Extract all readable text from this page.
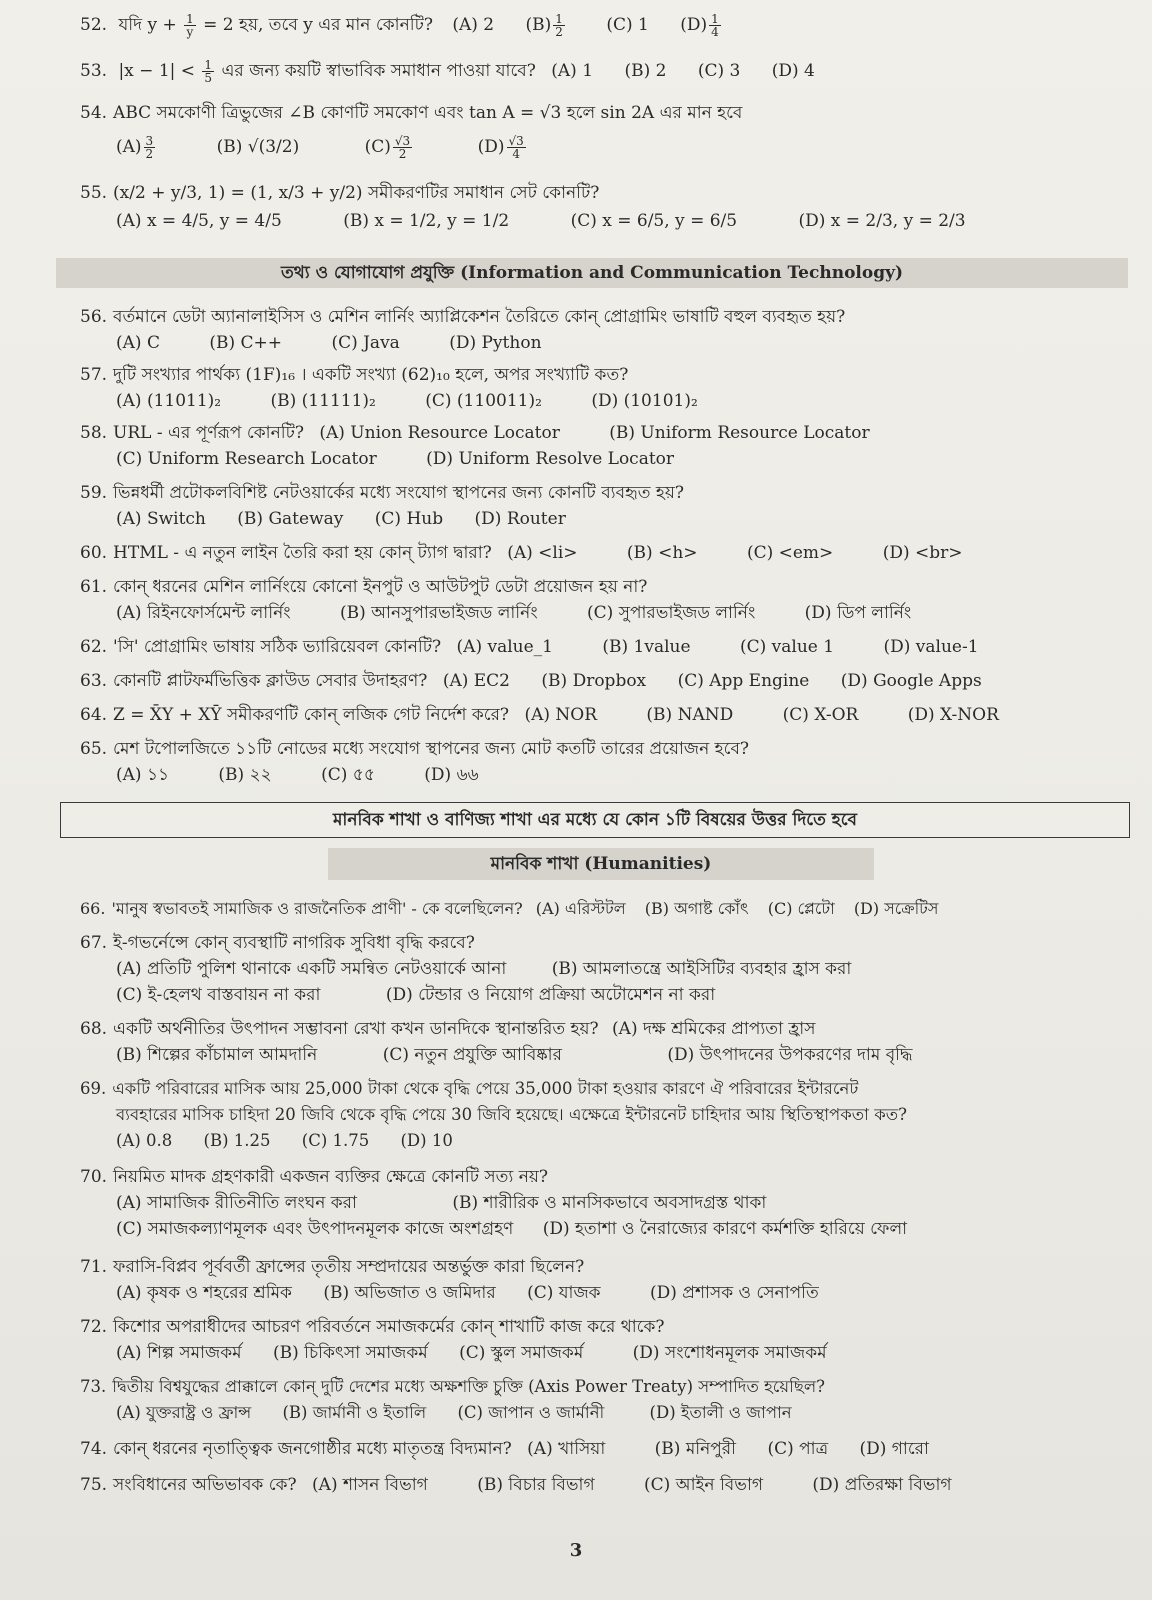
52. যদি $y + \frac{1}{y} = 2$ হয়, তবে y এর মান কোনটি? (A) 2 $(B) \frac{1}{2} (C)$ 1 $(D) \frac{1}{4}$
53. $|x - 1| < \frac{1}{5}$ এর জন্য কয়টি স্বাভাবিক সমাধান পাওয়া যাবে? (A) 1 (B) 2 (C) 3 (D) 4
54. ABC সমকোণী ত্রিভুজের ∠B কোণটি সমকোণ এবং tan A = √3 হলে sin 2A এর মান হবে
$(A) \frac{3}{2}$	(B) √(3/2)	$(C) \frac{√3}{2}$	$(D) \frac{√3}{4}$
55. (x/2 + y/3, 1) = (1, x/3 + y/2) সমীকরণটির সমাধান সেট কোনটি?
(A) x = 4/5, y = 4/5	(B) x = 1/2, y = 1/2	(C) x = 6/5, y = 6/5	(D) x = 2/3, y = 2/3
তথ্য ও যোগাযোগ প্রযুক্তি (Information and Communication Technology)
56. বর্তমানে ডেটা অ্যানালাইসিস ও মেশিন লার্নিং অ্যাপ্লিকেশন তৈরিতে কোন্ প্রোগ্রামিং ভাষাটি বহুল ব্যবহৃত হয়?
(A) C	(B) C++	(C) Java	(D) Python
57. দুটি সংখ্যার পার্থক্য (1F)₁₆ । একটি সংখ্যা (62)₁₀ হলে, অপর সংখ্যাটি কত?
(A) (11011)₂	(B) (11111)₂	(C) (110011)₂	(D) (10101)₂
58. URL - এর পূর্ণরূপ কোনটি? (A) Union Resource Locator	(B) Uniform Resource Locator
(C) Uniform Research Locator	(D) Uniform Resolve Locator
59. ভিন্নধর্মী প্রটোকলবিশিষ্ট নেটওয়ার্কের মধ্যে সংযোগ স্থাপনের জন্য কোনটি ব্যবহৃত হয়?
(A) Switch (B) Gateway (C) Hub (D) Router
60. HTML - এ নতুন লাইন তৈরি করা হয় কোন্ ট্যাগ দ্বারা? (A) <li>	(B) <h>	(C) <em>	(D) <br>
61. কোন্ ধরনের মেশিন লার্নিংয়ে কোনো ইনপুট ও আউটপুট ডেটা প্রয়োজন হয় না?
(A) রিইনফোর্সমেন্ট লার্নিং	(B) আনসুপারভাইজড লার্নিং	(C) সুপারভাইজড লার্নিং	(D) ডিপ লার্নিং
62. 'সি' প্রোগ্রামিং ভাষায় সঠিক ভ্যারিয়েবল কোনটি? (A) value_1	(B) 1value	(C) value 1	(D) value-1
63. কোনটি প্লাটফর্মভিত্তিক ক্লাউড সেবার উদাহরণ? (A) EC2 (B) Dropbox (C) App Engine (D) Google Apps
64. Z = X̄Y + XȲ সমীকরণটি কোন্ লজিক গেট নির্দেশ করে? (A) NOR	(B) NAND	(C) X-OR	(D) X-NOR
65. মেশ টপোলজিতে ১১টি নোডের মধ্যে সংযোগ স্থাপনের জন্য মোট কতটি তারের প্রয়োজন হবে?
(A) ১১	(B) ২২	(C) ৫৫	(D) ৬৬
মানবিক শাখা ও বাণিজ্য শাখা এর মধ্যে যে কোন ১টি বিষয়ের উত্তর দিতে হবে
মানবিক শাখা (Humanities)
66. 'মানুষ স্বভাবতই সামাজিক ও রাজনৈতিক প্রাণী' - কে বলেছিলেন? (A) এরিস্টটল (B) অগাষ্ট কোঁৎ (C) প্লেটো (D) সক্রেটিস
67. ই-গভর্নেন্সে কোন্ ব্যবস্থাটি নাগরিক সুবিধা বৃদ্ধি করবে?
(A) প্রতিটি পুলিশ থানাকে একটি সমন্বিত নেটওয়ার্কে আনা	(B) আমলাতন্ত্রে আইসিটির ব্যবহার হ্রাস করা
(C) ই-হেলথ বাস্তবায়ন না করা	(D) টেন্ডার ও নিয়োগ প্রক্রিয়া অটোমেশন না করা
68. একটি অর্থনীতির উৎপাদন সম্ভাবনা রেখা কখন ডানদিকে স্থানান্তরিত হয়? (A) দক্ষ শ্রমিকের প্রাপ্যতা হ্রাস
(B) শিল্পের কাঁচামাল আমদানি	(C) নতুন প্রযুক্তি আবিষ্কার	(D) উৎপাদনের উপকরণের দাম বৃদ্ধি
69. একটি পরিবারের মাসিক আয় 25,000 টাকা থেকে বৃদ্ধি পেয়ে 35,000 টাকা হওয়ার কারণে ঐ পরিবারের ইন্টারনেট
ব্যবহারের মাসিক চাহিদা 20 জিবি থেকে বৃদ্ধি পেয়ে 30 জিবি হয়েছে। এক্ষেত্রে ইন্টারনেট চাহিদার আয় স্থিতিস্থাপকতা কত?
(A) 0.8 (B) 1.25 (C) 1.75 (D) 10
70. নিয়মিত মাদক গ্রহণকারী একজন ব্যক্তির ক্ষেত্রে কোনটি সত্য নয়?
(A) সামাজিক রীতিনীতি লংঘন করা	(B) শারীরিক ও মানসিকভাবে অবসাদগ্রস্ত থাকা
(C) সমাজকল্যাণমূলক এবং উৎপাদনমূলক কাজে অংশগ্রহণ (D) হতাশা ও নৈরাজ্যের কারণে কর্মশক্তি হারিয়ে ফেলা
71. ফরাসি-বিপ্লব পূর্ববর্তী ফ্রান্সের তৃতীয় সম্প্রদায়ের অন্তর্ভুক্ত কারা ছিলেন?
(A) কৃষক ও শহরের শ্রমিক (B) অভিজাত ও জমিদার (C) যাজক	(D) প্রশাসক ও সেনাপতি
72. কিশোর অপরাধীদের আচরণ পরিবর্তনে সমাজকর্মের কোন্ শাখাটি কাজ করে থাকে?
(A) শিল্প সমাজকর্ম (B) চিকিৎসা সমাজকর্ম (C) স্কুল সমাজকর্ম	(D) সংশোধনমূলক সমাজকর্ম
73. দ্বিতীয় বিশ্বযুদ্ধের প্রাক্কালে কোন্ দুটি দেশের মধ্যে অক্ষশক্তি চুক্তি (Axis Power Treaty) সম্পাদিত হয়েছিল?
(A) যুক্তরাষ্ট্র ও ফ্রান্স (B) জার্মানী ও ইতালি (C) জাপান ও জার্মানী	(D) ইতালী ও জাপান
74. কোন্ ধরনের নৃতাত্ত্বিক জনগোষ্ঠীর মধ্যে মাতৃতন্ত্র বিদ্যমান? (A) খাসিয়া	(B) মনিপুরী (C) পাত্র (D) গারো
75. সংবিধানের অভিভাবক কে? (A) শাসন বিভাগ	(B) বিচার বিভাগ	(C) আইন বিভাগ	(D) প্রতিরক্ষা বিভাগ
3
